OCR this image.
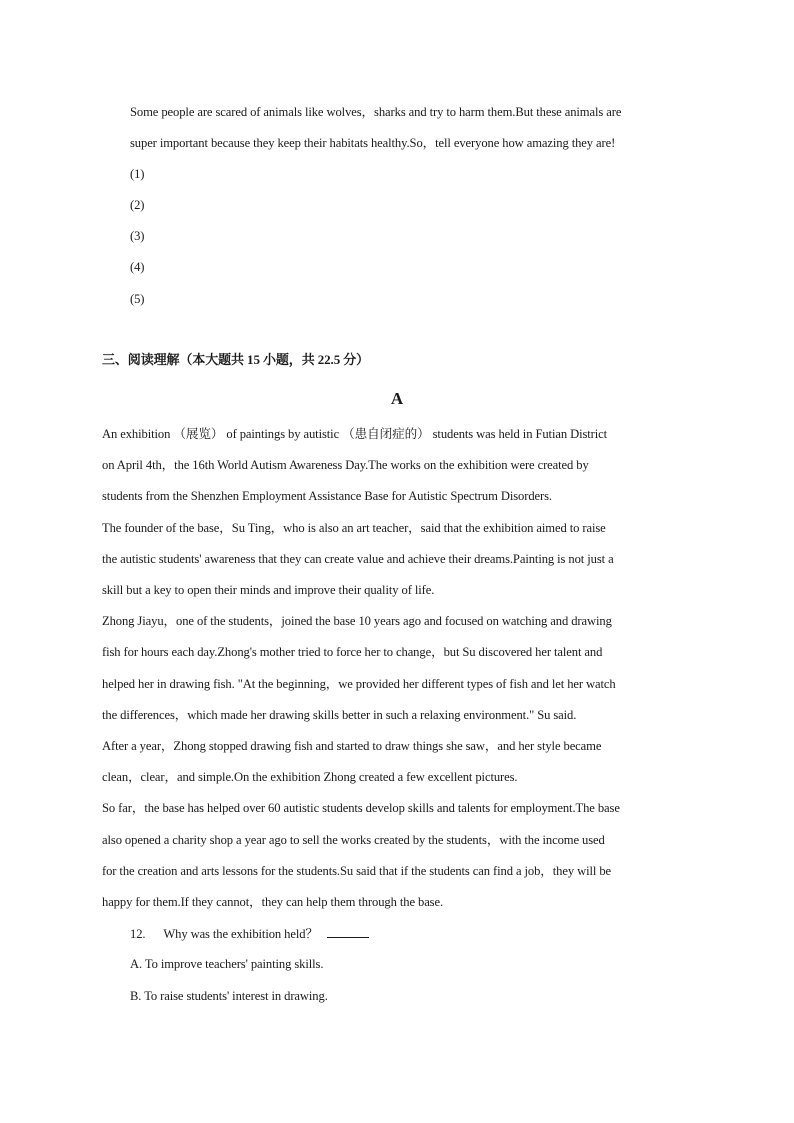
Some people are scared of animals like wolves，sharks and try to harm them.But these animals are
super important because they keep their habitats healthy.So，tell everyone how amazing they are!
(1)
(2)
(3)
(4)
(5)
三、阅读理解（本大题共 15 小题，共 22.5 分）
A
An exhibition （展览） of paintings by autistic （患自闭症的） students was held in Futian District
on April 4th，the 16th World Autism Awareness Day.The works on the exhibition were created by
students from the Shenzhen Employment Assistance Base for Autistic Spectrum Disorders.
The founder of the base，Su Ting，who is also an art teacher，said that the exhibition aimed to raise
the autistic students' awareness that they can create value and achieve their dreams.Painting is not just a
skill but a key to open their minds and improve their quality of life.
Zhong Jiayu，one of the students，joined the base 10 years ago and focused on watching and drawing
fish for hours each day.Zhong's mother tried to force her to change，but Su discovered her talent and
helped her in drawing fish. "At the beginning，we provided her different types of fish and let her watch
the differences，which made her drawing skills better in such a relaxing environment." Su said.
After a year，Zhong stopped drawing fish and started to draw things she saw，and her style became
clean，clear，and simple.On the exhibition Zhong created a few excellent pictures.
So far，the base has helped over 60 autistic students develop skills and talents for employment.The base
also opened a charity shop a year ago to sell the works created by the students，with the income used
for the creation and arts lessons for the students.Su said that if the students can find a job，they will be
happy for them.If they cannot，they can help them through the base.
12. Why was the exhibition held？
A. To improve teachers' painting skills.
B. To raise students' interest in drawing.
